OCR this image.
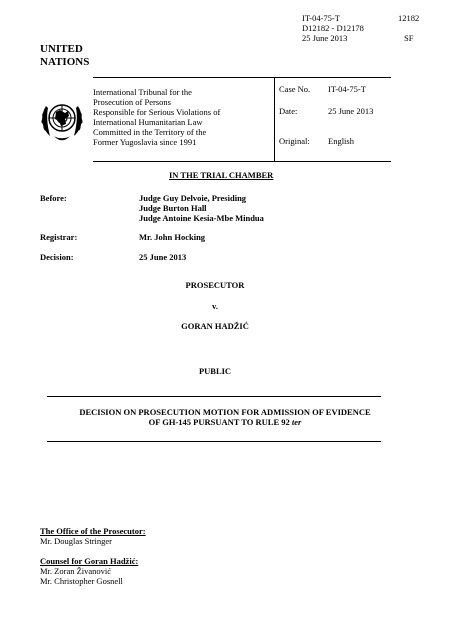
IT-04-75-T
D12182 - D12178
25 June 2013
12182
SF
UNITED
NATIONS
International Tribunal for the
Prosecution of Persons
Responsible for Serious Violations of
International Humanitarian Law
Committed in the Territory of the
Former Yugoslavia since 1991
Case No. IT-04-75-T
Date:	25 June 2013
Original: English
IN THE TRIAL CHAMBER
Before:	Judge Guy Delvoie, Presiding
Judge Burton Hall
Judge Antoine Kesia-Mbe Mindua
Registrar:	Mr. John Hocking
Decision:	25 June 2013
PROSECUTOR
v.
GORAN HADŽIĆ
PUBLIC
DECISION ON PROSECUTION MOTION FOR ADMISSION OF EVIDENCE
OF GH-145 PURSUANT TO RULE 92 ter
The Office of the Prosecutor:
Mr. Douglas Stringer
Counsel for Goran Hadžić:
Mr. Zoran Živanović
Mr. Christopher Gosnell
